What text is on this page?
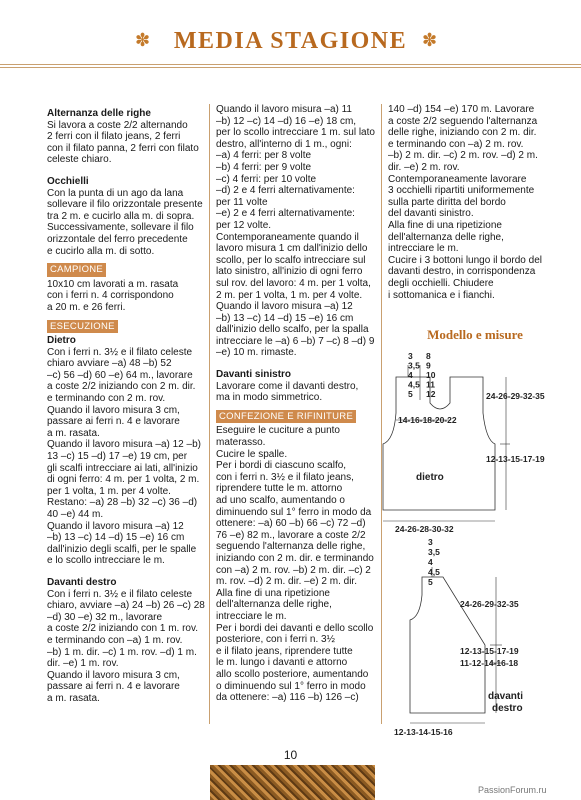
✽ MEDIA STAGIONE ✽

Alternanza delle righe

Si lavora a coste 2/2 alternando

2 ferri con il filato jeans, 2 ferri

con il filato panna, 2 ferri con filato

celeste chiaro.

Occhielli

Con la punta di un ago da lana

sollevare il filo orizzontale presente

tra 2 m. e cucirlo alla m. di sopra.

Successivamente, sollevare il filo

orizzontale del ferro precedente

e cucirlo alla m. di sotto.

CAMPIONE

10x10 cm lavorati a m. rasata

con i ferri n. 4 corrispondono

a 20 m. e 26 ferri.

ESECUZIONE

Dietro

Con i ferri n. 3½ e il filato celeste

chiaro avviare –a) 48 –b) 52

–c) 56 –d) 60 –e) 64 m., lavorare

a coste 2/2 iniziando con 2 m. dir.

e terminando con 2 m. rov.

Quando il lavoro misura 3 cm,

passare ai ferri n. 4 e lavorare

a m. rasata.

Quando il lavoro misura –a) 12 –b)

13 –c) 15 –d) 17 –e) 19 cm, per

gli scalfi intrecciare ai lati, all'inizio

di ogni ferro: 4 m. per 1 volta, 2 m.

per 1 volta, 1 m. per 4 volte.

Restano: –a) 28 –b) 32 –c) 36 –d)

40 –e) 44 m.

Quando il lavoro misura –a) 12

–b) 13 –c) 14 –d) 15 –e) 16 cm

dall'inizio degli scalfi, per le spalle

e lo scollo intrecciare le m.

Davanti destro

Con i ferri n. 3½ e il filato celeste

chiaro, avviare –a) 24 –b) 26 –c) 28

–d) 30 –e) 32 m., lavorare

a coste 2/2 iniziando con 1 m. rov.

e terminando con –a) 1 m. rov.

–b) 1 m. dir. –c) 1 m. rov. –d) 1 m.

dir. –e) 1 m. rov.

Quando il lavoro misura 3 cm,

passare ai ferri n. 4 e lavorare

a m. rasata.

Quando il lavoro misura –a) 11

–b) 12 –c) 14 –d) 16 –e) 18 cm,

per lo scollo intrecciare 1 m. sul lato

destro, all'interno di 1 m., ogni:

–a) 4 ferri: per 8 volte

–b) 4 ferri: per 9 volte

–c) 4 ferri: per 10 volte

–d) 2 e 4 ferri alternativamente:

per 11 volte

–e) 2 e 4 ferri alternativamente:

per 12 volte.

Contemporaneamente quando il

lavoro misura 1 cm dall'inizio dello

scollo, per lo scalfo intrecciare sul

lato sinistro, all'inizio di ogni ferro

sul rov. del lavoro: 4 m. per 1 volta,

2 m. per 1 volta, 1 m. per 4 volte.

Quando il lavoro misura –a) 12

–b) 13 –c) 14 –d) 15 –e) 16 cm

dall'inizio dello scalfo, per la spalla

intrecciare le –a) 6 –b) 7 –c) 8 –d) 9

–e) 10 m. rimaste.

Davanti sinistro

Lavorare come il davanti destro,

ma in modo simmetrico.

CONFEZIONE E RIFINITURE

Eseguire le cuciture a punto

materasso.

Cucire le spalle.

Per i bordi di ciascuno scalfo,

con i ferri n. 3½ e il filato jeans,

riprendere tutte le m. attorno

ad uno scalfo, aumentando o

diminuendo sul 1° ferro in modo da

ottenere: –a) 60 –b) 66 –c) 72 –d)

76 –e) 82 m., lavorare a coste 2/2

seguendo l'alternanza delle righe,

iniziando con 2 m. dir. e terminando

con –a) 2 m. rov. –b) 2 m. dir. –c) 2

m. rov. –d) 2 m. dir. –e) 2 m. dir.

Alla fine di una ripetizione

dell'alternanza delle righe,

intrecciare le m.

Per i bordi dei davanti e dello scollo

posteriore, con i ferri n. 3½

e il filato jeans, riprendere tutte

le m. lungo i davanti e attorno

allo scollo posteriore, aumentando

o diminuendo sul 1° ferro in modo

da ottenere: –a) 116 –b) 126 –c)

140 –d) 154 –e) 170 m. Lavorare

a coste 2/2 seguendo l'alternanza

delle righe, iniziando con 2 m. dir.

e terminando con –a) 2 m. rov.

–b) 2 m. dir. –c) 2 m. rov. –d) 2 m.

dir. –e) 2 m. rov.

Contemporaneamente lavorare

3 occhielli ripartiti uniformemente

sulla parte diritta del bordo

del davanti sinistro.

Alla fine di una ripetizione

dell'alternanza delle righe,

intrecciare le m.

Cucire i 3 bottoni lungo il bordo del

davanti destro, in corrispondenza

degli occhielli. Chiudere

i sottomanica e i fianchi.

Modello e misure
3 3,5 4 4,5 5
8 9 10 11 12
14-16-18-20-22
24-26-29-32-35
12-13-15-17-19
dietro
24-26-28-30-32
3 3,5 4 4,5 5
24-26-29-32-35
12-13-15-17-19
11-12-14-16-18
davanti
destro
12-13-14-15-16
10
PassionForum.ru
